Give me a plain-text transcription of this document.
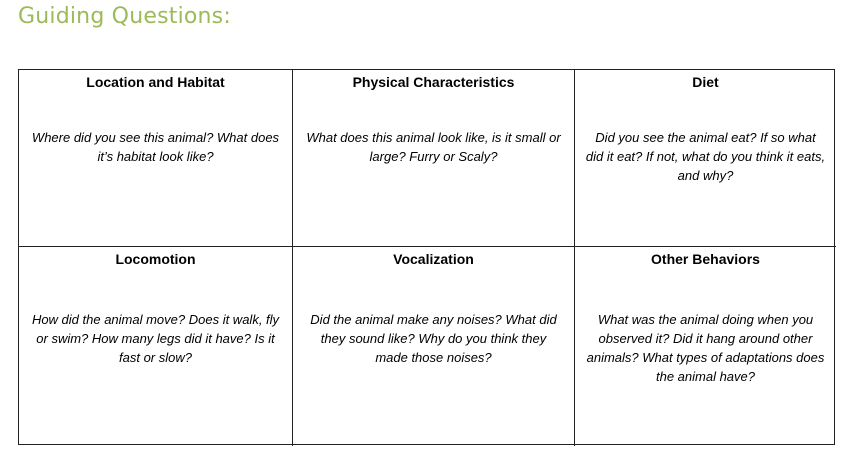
Guiding Questions:
Location and Habitat
Where did you see this animal? What does it’s habitat look like?
Physical Characteristics
What does this animal look like, is it small or large? Furry or Scaly?
Diet
Did you see the animal eat? If so what did it eat? If not, what do you think it eats, and why?
Locomotion
How did the animal move? Does it walk, fly or swim? How many legs did it have? Is it fast or slow?
Vocalization
Did the animal make any noises? What did they sound like? Why do you think they made those noises?
Other Behaviors
What was the animal doing when you observed it? Did it hang around other animals? What types of adaptations does the animal have?
